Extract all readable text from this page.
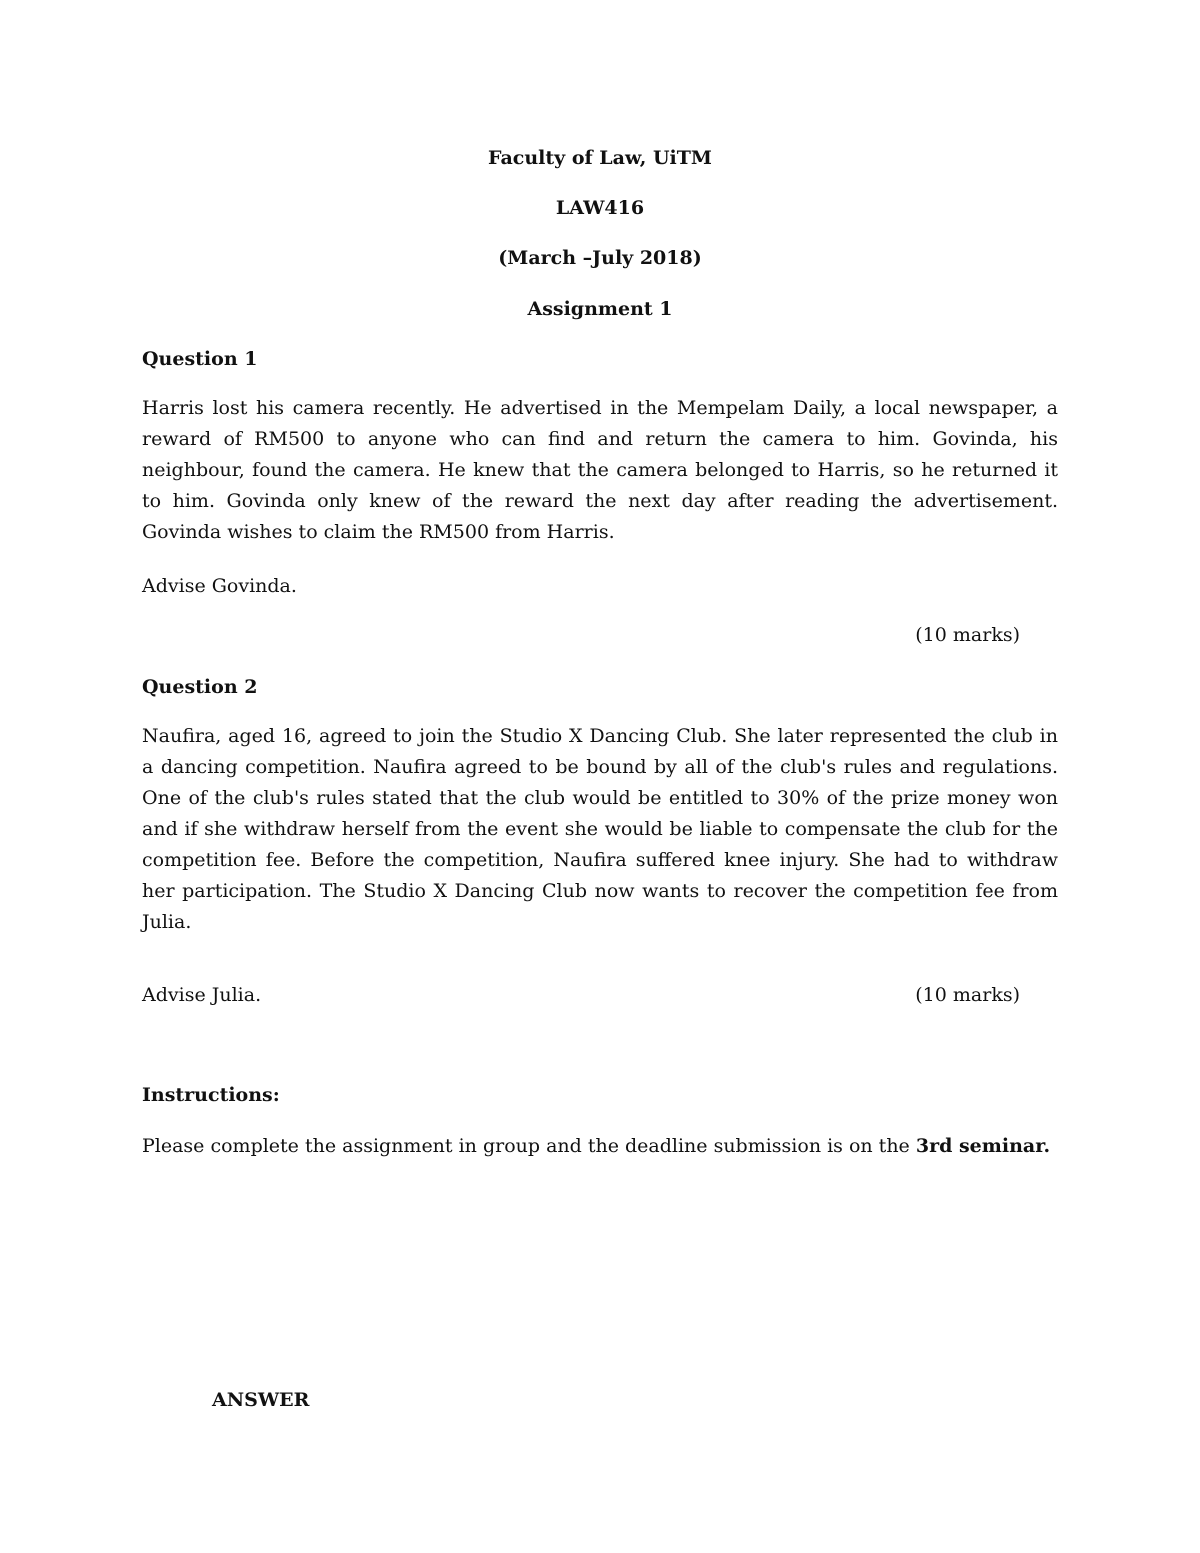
Faculty of Law, UiTM
LAW416
(March –July 2018)
Assignment 1
Question 1
Harris lost his camera recently. He advertised in the Mempelam Daily, a local newspaper, a reward of RM500 to anyone who can find and return the camera to him. Govinda, his neighbour, found the camera. He knew that the camera belonged to Harris, so he returned it to him. Govinda only knew of the reward the next day after reading the advertisement. Govinda wishes to claim the RM500 from Harris.
Advise Govinda.
(10 marks)
Question 2
Naufira, aged 16, agreed to join the Studio X Dancing Club. She later represented the club in a dancing competition. Naufira agreed to be bound by all of the club's rules and regulations. One of the club's rules stated that the club would be entitled to 30% of the prize money won and if she withdraw herself from the event she would be liable to compensate the club for the competition fee. Before the competition, Naufira suffered knee injury. She had to withdraw her participation. The Studio X Dancing Club now wants to recover the competition fee from Julia.
Advise Julia.	(10 marks)
Instructions:
Please complete the assignment in group and the deadline submission is on the 3rd seminar.
ANSWER
